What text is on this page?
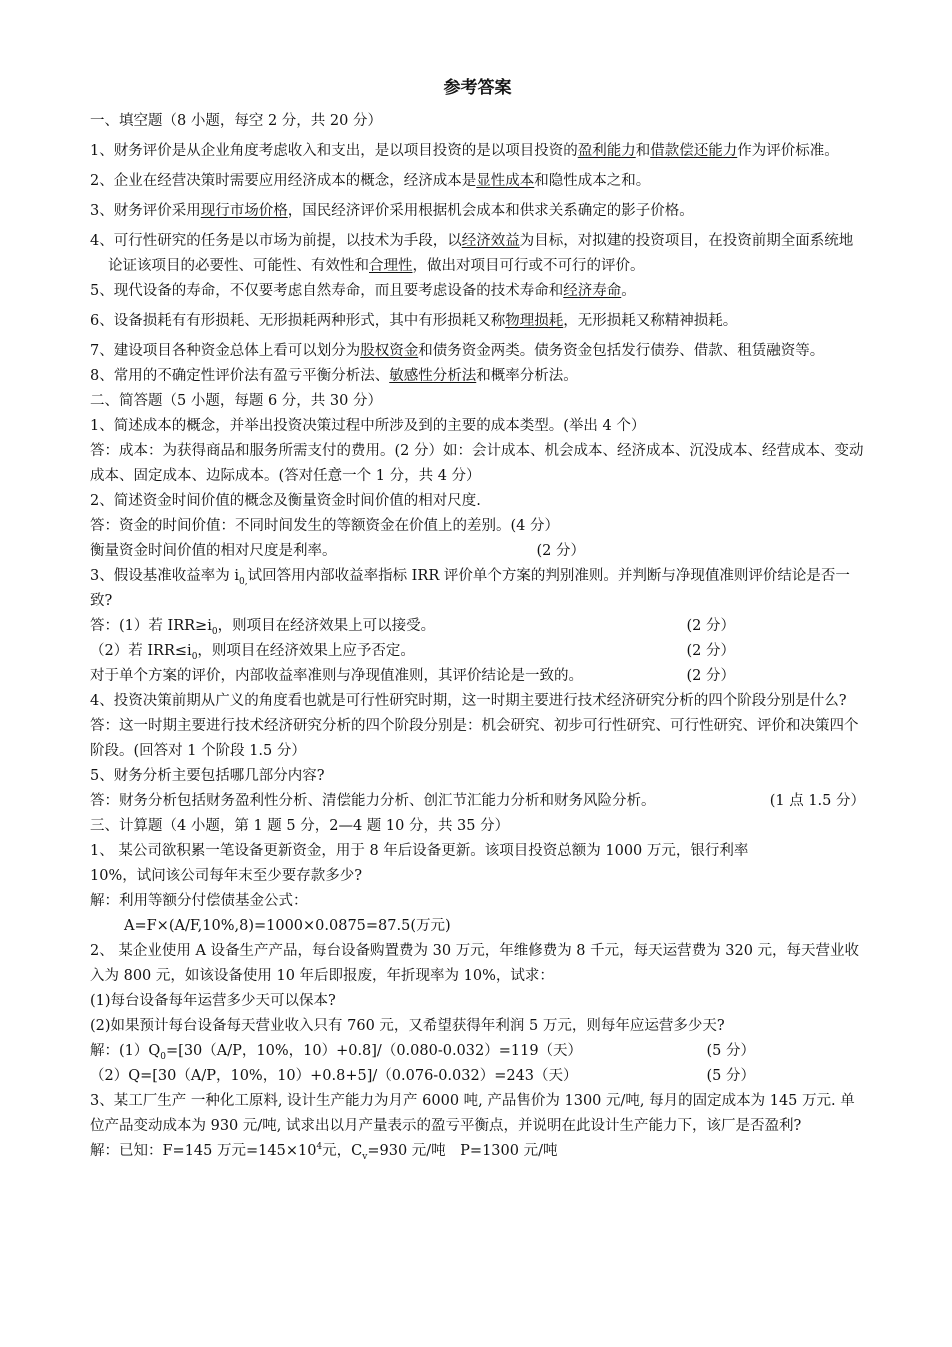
参考答案

一、填空题（8 小题，每空 2 分，共 20 分）

1、财务评价是从企业角度考虑收入和支出，是以项目投资的是以项目投资的盈利能力和借款偿还能力作为评价标准。

2、企业在经营决策时需要应用经济成本的概念，经济成本是显性成本和隐性成本之和。

3、财务评价采用现行市场价格，国民经济评价采用根据机会成本和供求关系确定的影子价格。

4、可行性研究的任务是以市场为前提，以技术为手段，以经济效益为目标，对拟建的投资项目，在投资前期全面系统地论证该项目的必要性、可能性、有效性和合理性，做出对项目可行或不可行的评价。

5、现代设备的寿命，不仅要考虑自然寿命，而且要考虑设备的技术寿命和经济寿命。

6、设备损耗有有形损耗、无形损耗两种形式，其中有形损耗又称物理损耗，无形损耗又称精神损耗。

7、建设项目各种资金总体上看可以划分为股权资金和债务资金两类。债务资金包括发行债券、借款、租赁融资等。

8、常用的不确定性评价法有盈亏平衡分析法、敏感性分析法和概率分析法。

二、简答题（5 小题，每题 6 分，共 30 分）

1、简述成本的概念，并举出投资决策过程中所涉及到的主要的成本类型。(举出 4 个）

答：成本：为获得商品和服务所需支付的费用。(2 分）如：会计成本、机会成本、经济成本、沉没成本、经营成本、变动成本、固定成本、边际成本。(答对任意一个 1 分，共 4 分）

2、简述资金时间价值的概念及衡量资金时间价值的相对尺度.

答：资金的时间价值：不同时间发生的等额资金在价值上的差别。(4 分）

衡量资金时间价值的相对尺度是利率。	(2 分）

3、假设基准收益率为 $i_{0,}$试回答用内部收益率指标 IRR 评价单个方案的判别准则。并判断与净现值准则评价结论是否一致?

答：(1）若 $IRR\ge i_0$，则项目在经济效果上可以接受。	(2 分）
（2）若 $IRR\le i_0$，则项目在经济效果上应予否定。	(2 分）
对于单个方案的评价，内部收益率准则与净现值准则，其评价结论是一致的。	(2 分）

4、投资决策前期从广义的角度看也就是可行性研究时期，这一时期主要进行技术经济研究分析的四个阶段分别是什么?

答：这一时期主要进行技术经济研究分析的四个阶段分别是：机会研究、初步可行性研究、可行性研究、评价和决策四个阶段。(回答对 1 个阶段 1.5 分）

5、财务分析主要包括哪几部分内容?

答：财务分析包括财务盈利性分析、清偿能力分析、创汇节汇能力分析和财务风险分析。	(1 点 1.5 分）

三、计算题（4 小题，第 1 题 5 分，2—4 题 10 分，共 35 分）

1、 某公司欲积累一笔设备更新资金，用于 8 年后设备更新。该项目投资总额为 1000 万元，银行利率

10%，试问该公司每年末至少要存款多少?

解：利用等额分付偿债基金公式：

A=F×(A/F,10%,8)=1000×0.0875=87.5(万元)

2、 某企业使用 A 设备生产产品，每台设备购置费为 30 万元，年维修费为 8 千元，每天运营费为 320 元，每天营业收入为 800 元，如该设备使用 10 年后即报废，年折现率为 10%，试求：

(1)每台设备每年运营多少天可以保本?

(2)如果预计每台设备每天营业收入只有 760 元，又希望获得年利润 5 万元，则每年应运营多少天?

解：$(1)Q_0=[30(A/P$，10%，10）+0.8]/（0.080-0.032）=119（天）	(5 分）
（2）Q=[30（A/P，10%，10）+0.8+5]/（0.076-0.032）=243（天）	(5 分）

3、某工厂生产 一种化工原料, 设计生产能力为月产 6000 吨, 产品售价为 1300 元/吨, 每月的固定成本为 145 万元. 单位产品变动成本为 930 元/吨, 试求出以月产量表示的盈亏平衡点，并说明在此设计生产能力下，该厂是否盈利?

解：已知：F=145 万元$=145\times 10^4$元，$C_v=930$ 元/吨　P=1300 元/吨
